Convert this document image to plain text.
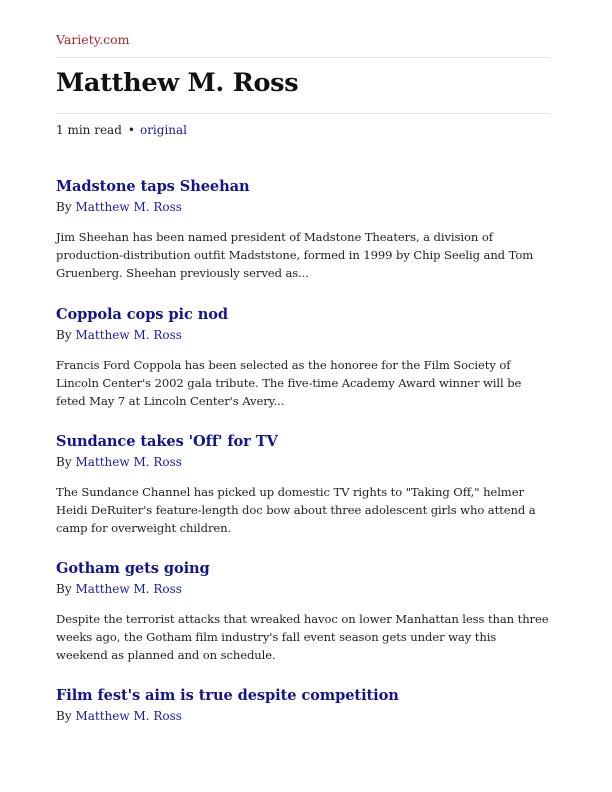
Variety.com
Matthew M. Ross
1 min read • original
Madstone taps Sheehan
By Matthew M. Ross
Jim Sheehan has been named president of Madstone Theaters, a division of production-distribution outfit Madststone, formed in 1999 by Chip Seelig and Tom Gruenberg. Sheehan previously served as...
Coppola cops pic nod
By Matthew M. Ross
Francis Ford Coppola has been selected as the honoree for the Film Society of Lincoln Center's 2002 gala tribute. The five-time Academy Award winner will be feted May 7 at Lincoln Center's Avery...
Sundance takes 'Off' for TV
By Matthew M. Ross
The Sundance Channel has picked up domestic TV rights to "Taking Off," helmer Heidi DeRuiter's feature-length doc bow about three adolescent girls who attend a camp for overweight children.
Gotham gets going
By Matthew M. Ross
Despite the terrorist attacks that wreaked havoc on lower Manhattan less than three weeks ago, the Gotham film industry's fall event season gets under way this weekend as planned and on schedule.
Film fest's aim is true despite competition
By Matthew M. Ross
